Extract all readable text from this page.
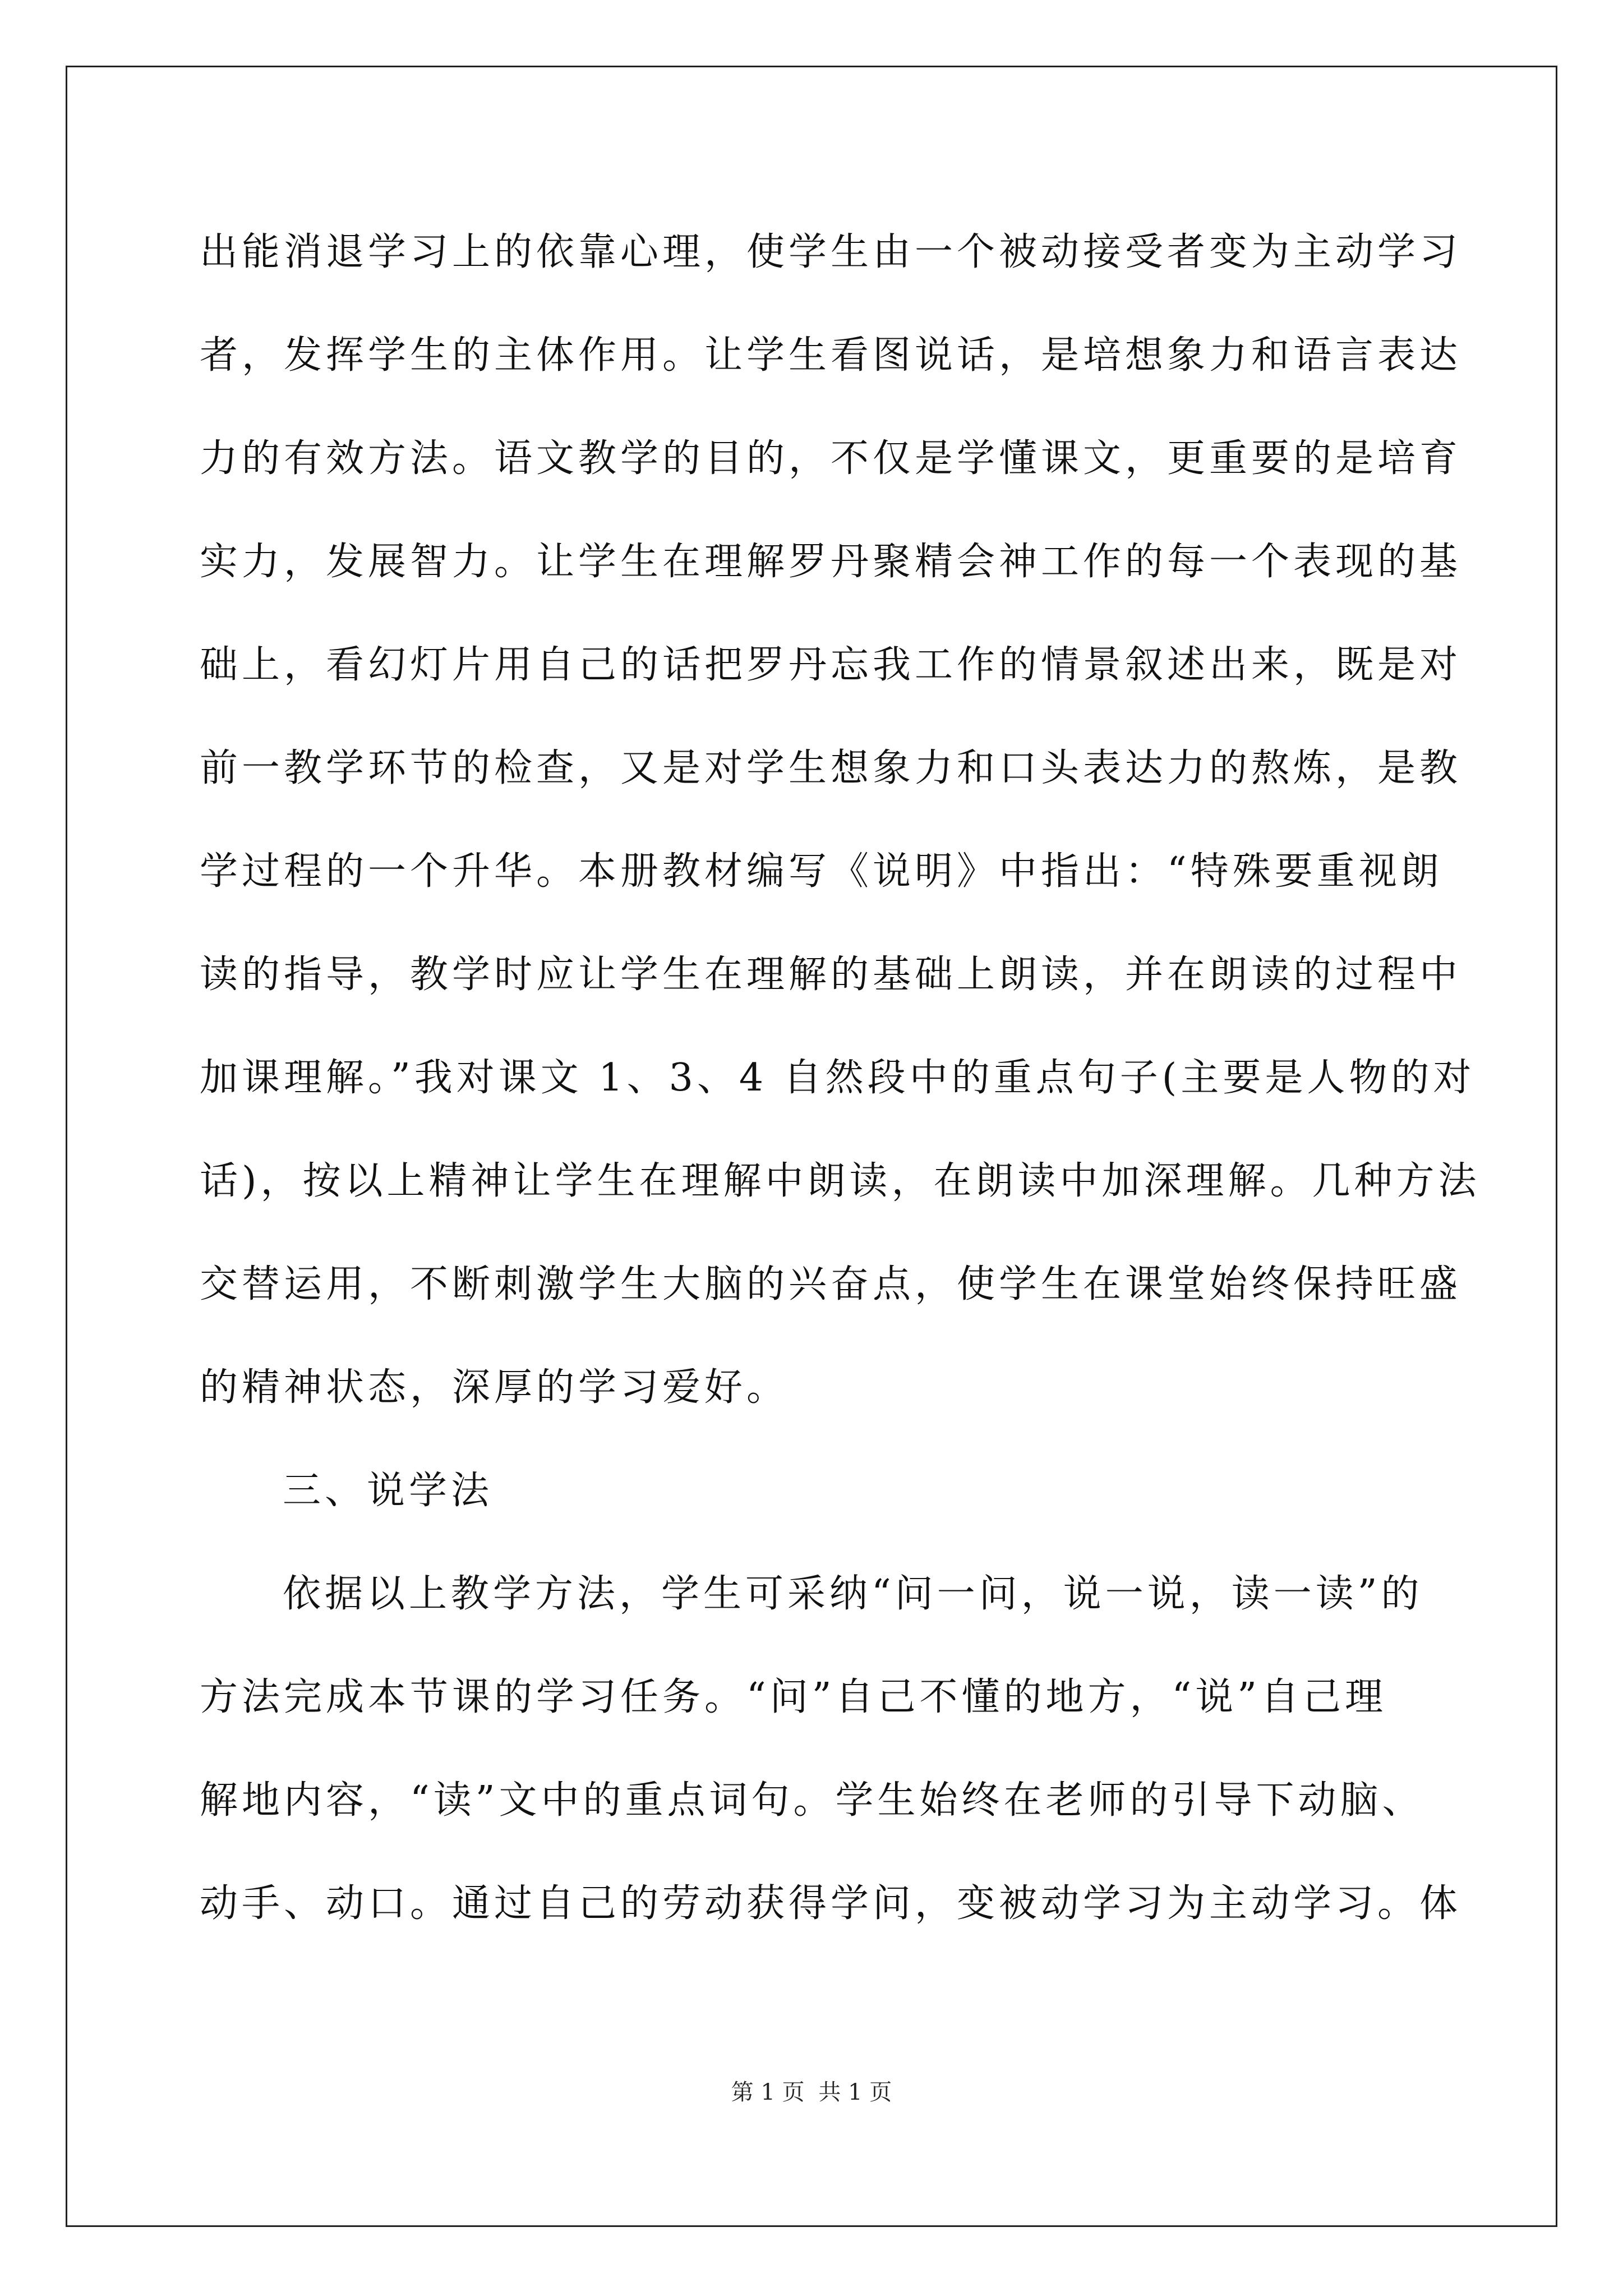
出能消退学习上的依靠心理，使学生由一个被动接受者变为主动学习
者，发挥学生的主体作用。让学生看图说话，是培想象力和语言表达
力的有效方法。语文教学的目的，不仅是学懂课文，更重要的是培育
实力，发展智力。让学生在理解罗丹聚精会神工作的每一个表现的基
础上，看幻灯片用自己的话把罗丹忘我工作的情景叙述出来，既是对
前一教学环节的检查，又是对学生想象力和口头表达力的熬炼，是教
学过程的一个升华。本册教材编写《说明》中指出：“特殊要重视朗
读的指导，教学时应让学生在理解的基础上朗读，并在朗读的过程中
加课理解。”我对课文 1、3、4 自然段中的重点句子(主要是人物的对
话)，按以上精神让学生在理解中朗读，在朗读中加深理解。几种方法
交替运用，不断刺激学生大脑的兴奋点，使学生在课堂始终保持旺盛
的精神状态，深厚的学习爱好。
三、说学法
依据以上教学方法，学生可采纳“问一问，说一说，读一读”的
方法完成本节课的学习任务。“问”自己不懂的地方，“说”自己理
解地内容，“读”文中的重点词句。学生始终在老师的引导下动脑、
动手、动口。通过自己的劳动获得学问，变被动学习为主动学习。体
第 1 页 共 1 页
